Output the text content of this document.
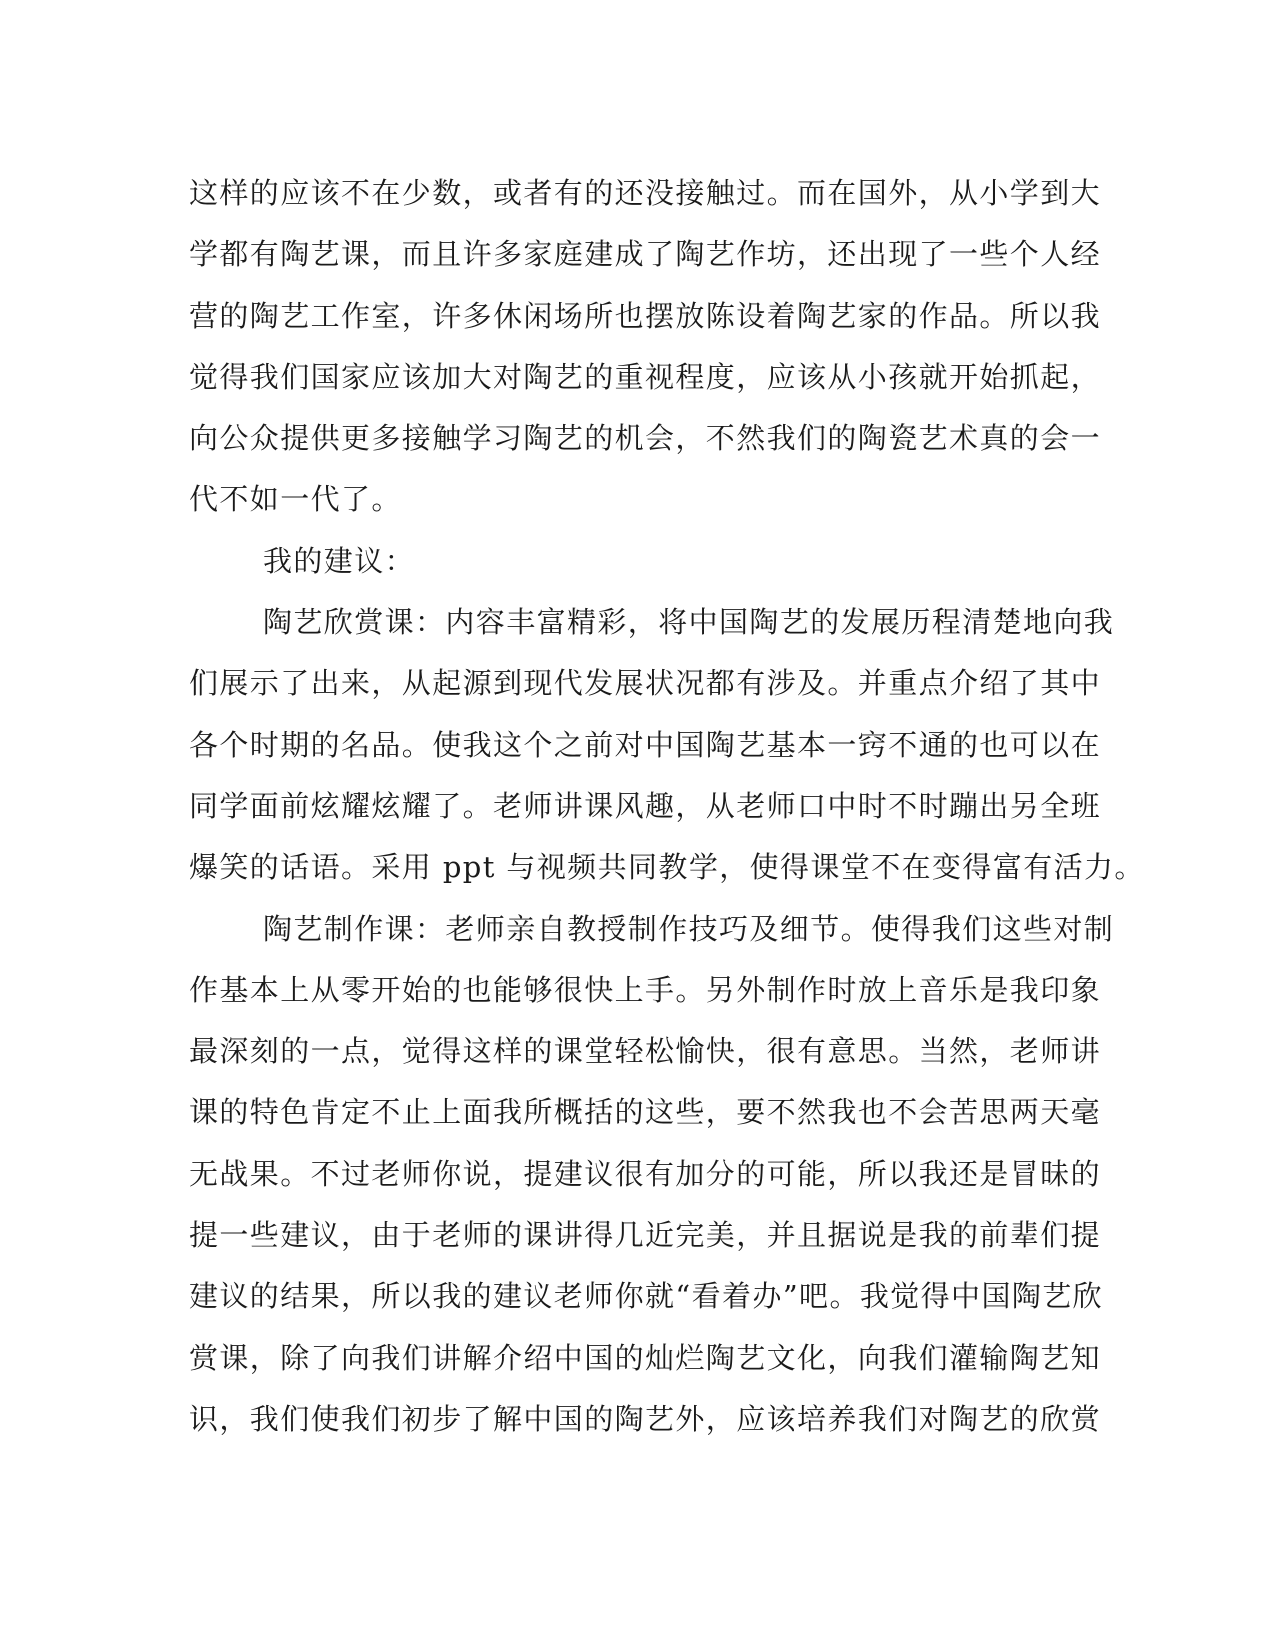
这样的应该不在少数，或者有的还没接触过。而在国外，从小学到大
学都有陶艺课，而且许多家庭建成了陶艺作坊，还出现了一些个人经
营的陶艺工作室，许多休闲场所也摆放陈设着陶艺家的作品。所以我
觉得我们国家应该加大对陶艺的重视程度，应该从小孩就开始抓起，
向公众提供更多接触学习陶艺的机会，不然我们的陶瓷艺术真的会一
代不如一代了。
我的建议：
陶艺欣赏课：内容丰富精彩，将中国陶艺的发展历程清楚地向我
们展示了出来，从起源到现代发展状况都有涉及。并重点介绍了其中
各个时期的名品。使我这个之前对中国陶艺基本一窍不通的也可以在
同学面前炫耀炫耀了。老师讲课风趣，从老师口中时不时蹦出另全班
爆笑的话语。采用 ppt 与视频共同教学，使得课堂不在变得富有活力。
陶艺制作课：老师亲自教授制作技巧及细节。使得我们这些对制
作基本上从零开始的也能够很快上手。另外制作时放上音乐是我印象
最深刻的一点，觉得这样的课堂轻松愉快，很有意思。当然，老师讲
课的特色肯定不止上面我所概括的这些，要不然我也不会苦思两天毫
无战果。不过老师你说，提建议很有加分的可能，所以我还是冒昧的
提一些建议，由于老师的课讲得几近完美，并且据说是我的前辈们提
建议的结果，所以我的建议老师你就“看着办”吧。我觉得中国陶艺欣
赏课，除了向我们讲解介绍中国的灿烂陶艺文化，向我们灌输陶艺知
识，我们使我们初步了解中国的陶艺外，应该培养我们对陶艺的欣赏
